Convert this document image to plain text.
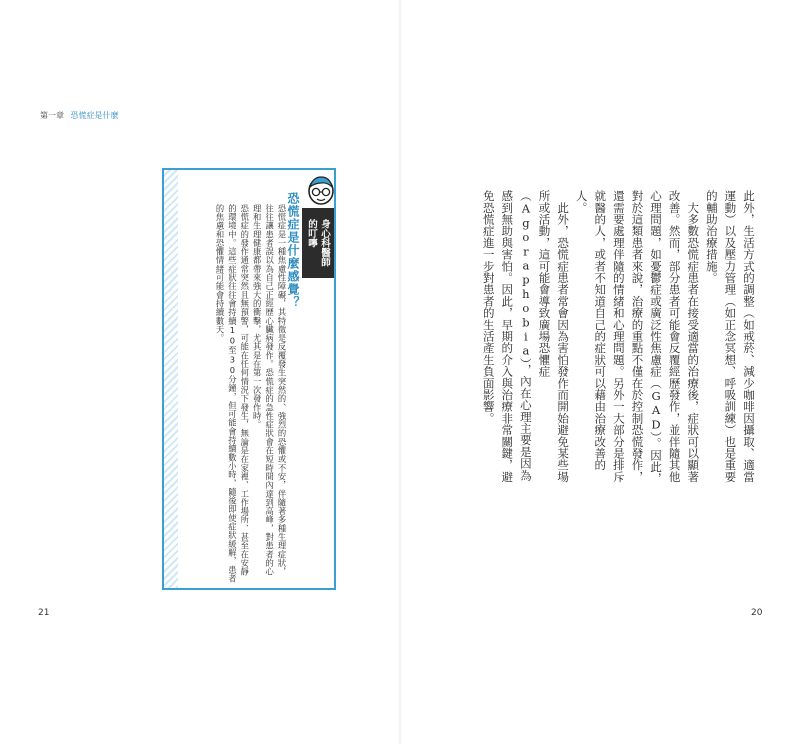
第一章 恐慌症是什麼
身心科醫師
的叮嚀
恐慌症是什麼感覺？
恐慌症是一種焦慮性障礙，其特徵是反覆發生突然的、強烈的恐懼或不安，伴隨著多種生理症狀，往往讓患者誤以為自己正經歷心臟病發作。恐慌症的急性症狀會在短時間內達到高峰，對患者的心理和生理健康都帶來強大的衝擊，尤其是在第一次發作時。
恐慌症的發作通常突然且無預警，可能在任何情況下發生，無論是在家裡、工作場所、甚至在安靜的環境中。這些症狀往往會持續10至30分鐘，但可能會持續數小時，隨後即使症狀緩解，患者的焦慮和恐懼情緒可能會持續數天。	此外，生活方式的調整（如戒菸、減少咖啡因攝取、適當運動）以及壓力管理（如正念冥想、呼吸訓練）也是重要的輔助治療措施。
　大多數恐慌症患者在接受適當的治療後，症狀可以顯著改善。然而，部分患者可能會反覆經歷發作，並伴隨其他心理問題，如憂鬱症或廣泛性焦慮症（GAD）。因此，對於這類患者來說，治療的重點不僅在於控制恐慌發作，還需要處理伴隨的情緒和心理問題。另外一大部分是排斥就醫的人，或者不知道自己的症狀可以藉由治療改善的人。
　此外，恐慌症患者常會因為害怕發作而開始避免某些場所或活動，這可能會導致廣場恐懼症（Agoraphobia），內在心理主要是因為感到無助與害怕。因此，早期的介入與治療非常關鍵，避免恐慌症進一步對患者的生活產生負面影響。
21	20
